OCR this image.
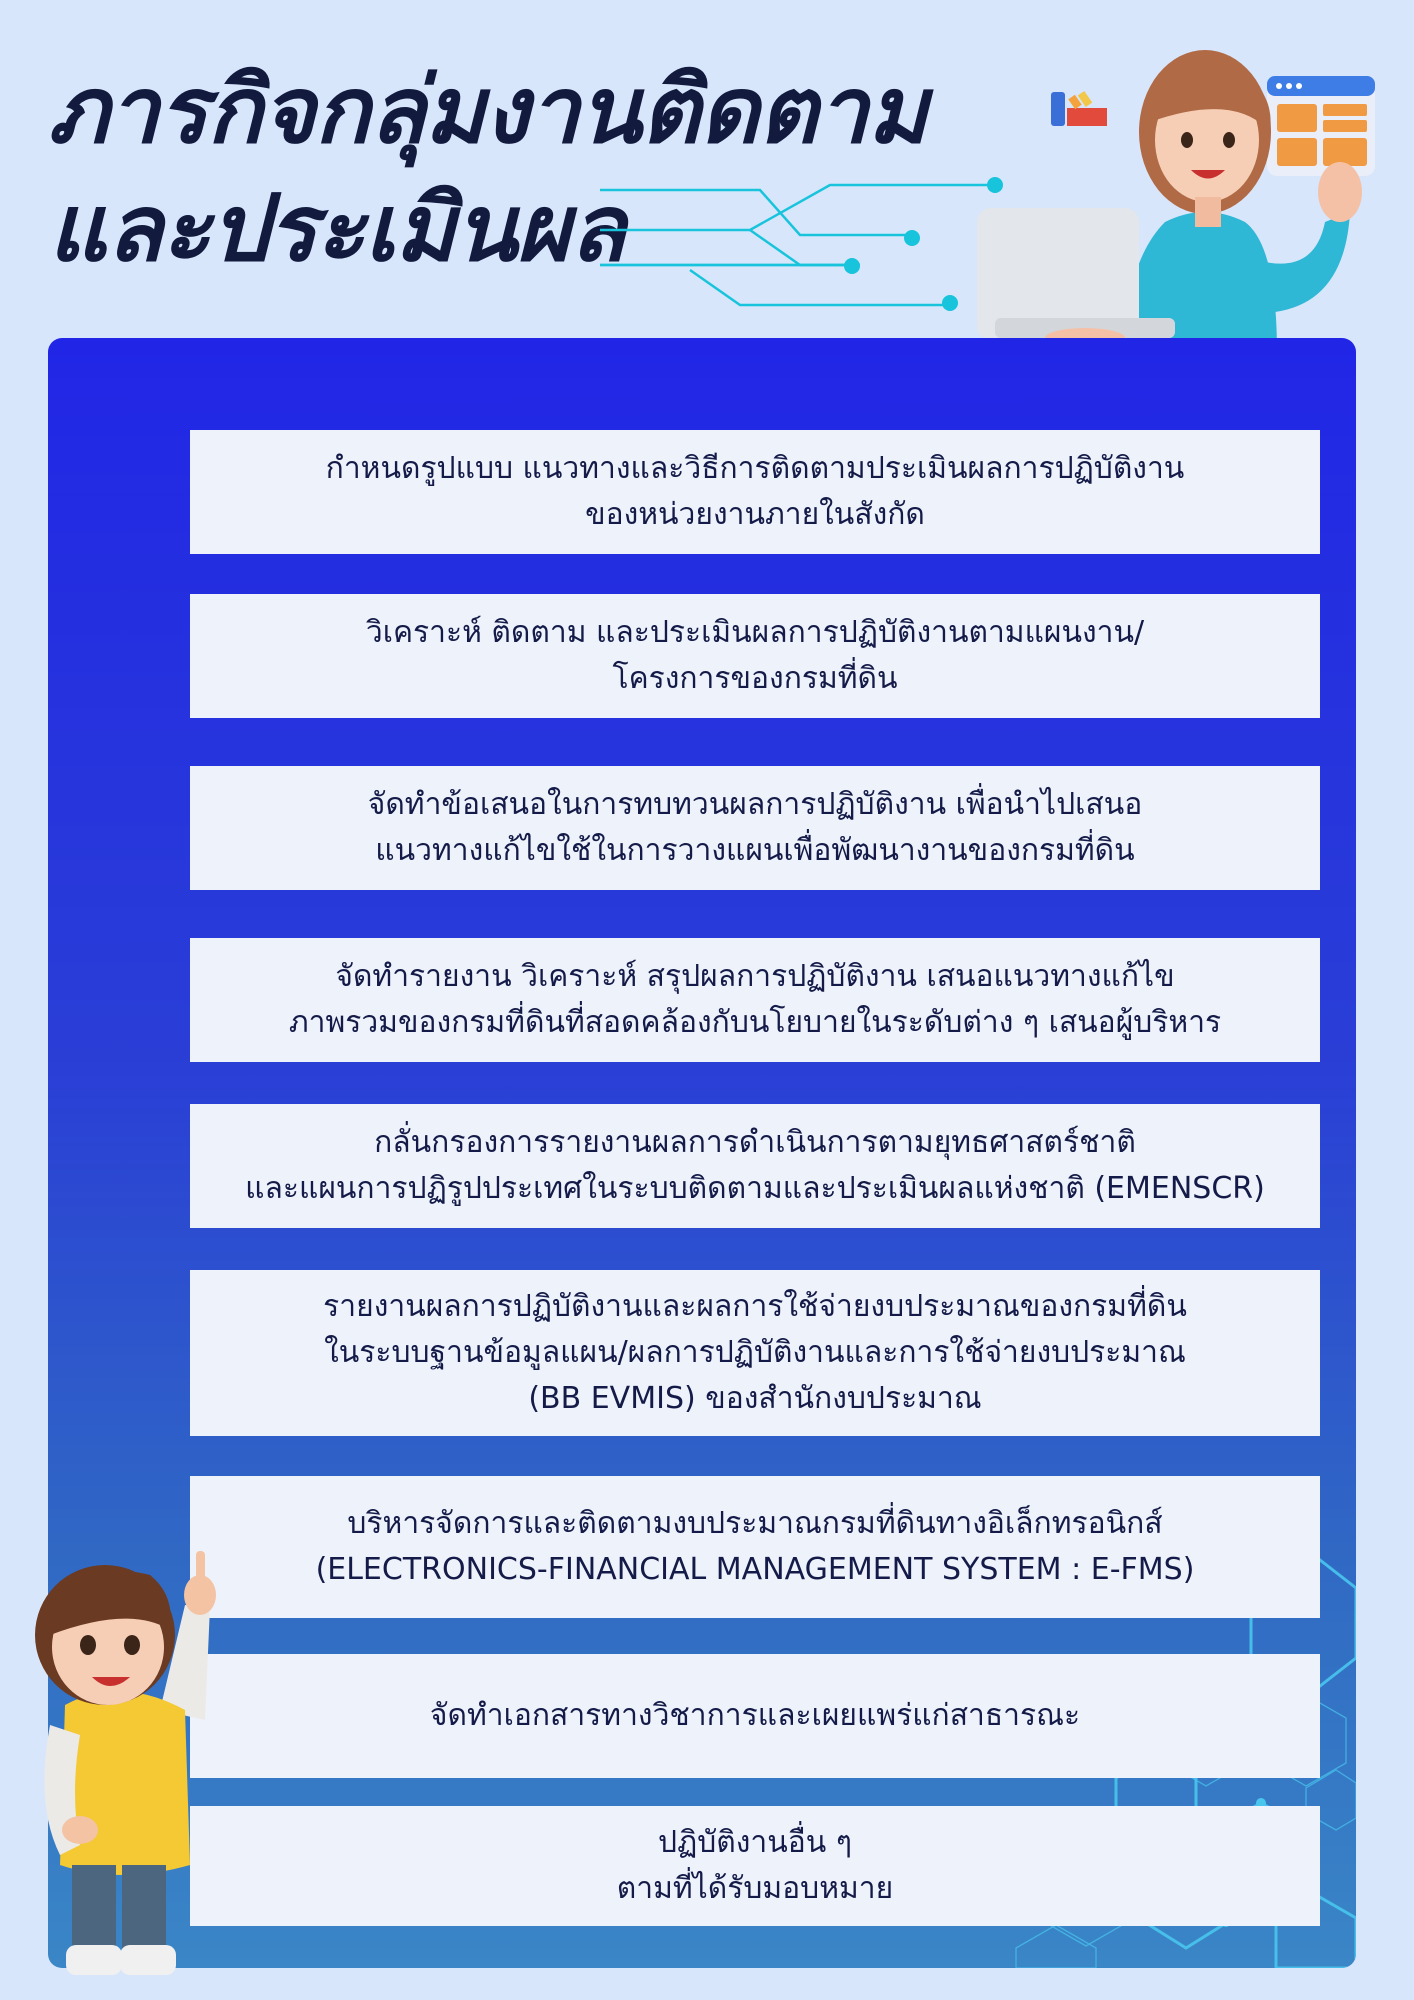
ภารกิจกลุ่มงานติดตาม
และประเมินผล

กำหนดรูปแบบ แนวทางและวิธีการติดตามประเมินผลการปฏิบัติงาน
ของหน่วยงานภายในสังกัด

วิเคราะห์ ติดตาม และประเมินผลการปฏิบัติงานตามแผนงาน/
โครงการของกรมที่ดิน

จัดทำข้อเสนอในการทบทวนผลการปฏิบัติงาน เพื่อนำไปเสนอ
แนวทางแก้ไขใช้ในการวางแผนเพื่อพัฒนางานของกรมที่ดิน

จัดทำรายงาน วิเคราะห์ สรุปผลการปฏิบัติงาน เสนอแนวทางแก้ไข
ภาพรวมของกรมที่ดินที่สอดคล้องกับนโยบายในระดับต่าง ๆ เสนอผู้บริหาร

กลั่นกรองการรายงานผลการดำเนินการตามยุทธศาสตร์ชาติ
และแผนการปฏิรูปประเทศในระบบติดตามและประเมินผลแห่งชาติ (EMENSCR)

รายงานผลการปฏิบัติงานและผลการใช้จ่ายงบประมาณของกรมที่ดิน
ในระบบฐานข้อมูลแผน/ผลการปฏิบัติงานและการใช้จ่ายงบประมาณ
(BB EVMIS) ของสำนักงบประมาณ

บริหารจัดการและติดตามงบประมาณกรมที่ดินทางอิเล็กทรอนิกส์
(ELECTRONICS-FINANCIAL MANAGEMENT SYSTEM : E-FMS)

จัดทำเอกสารทางวิชาการและเผยแพร่แก่สาธารณะ

ปฏิบัติงานอื่น ๆ
ตามที่ได้รับมอบหมาย
